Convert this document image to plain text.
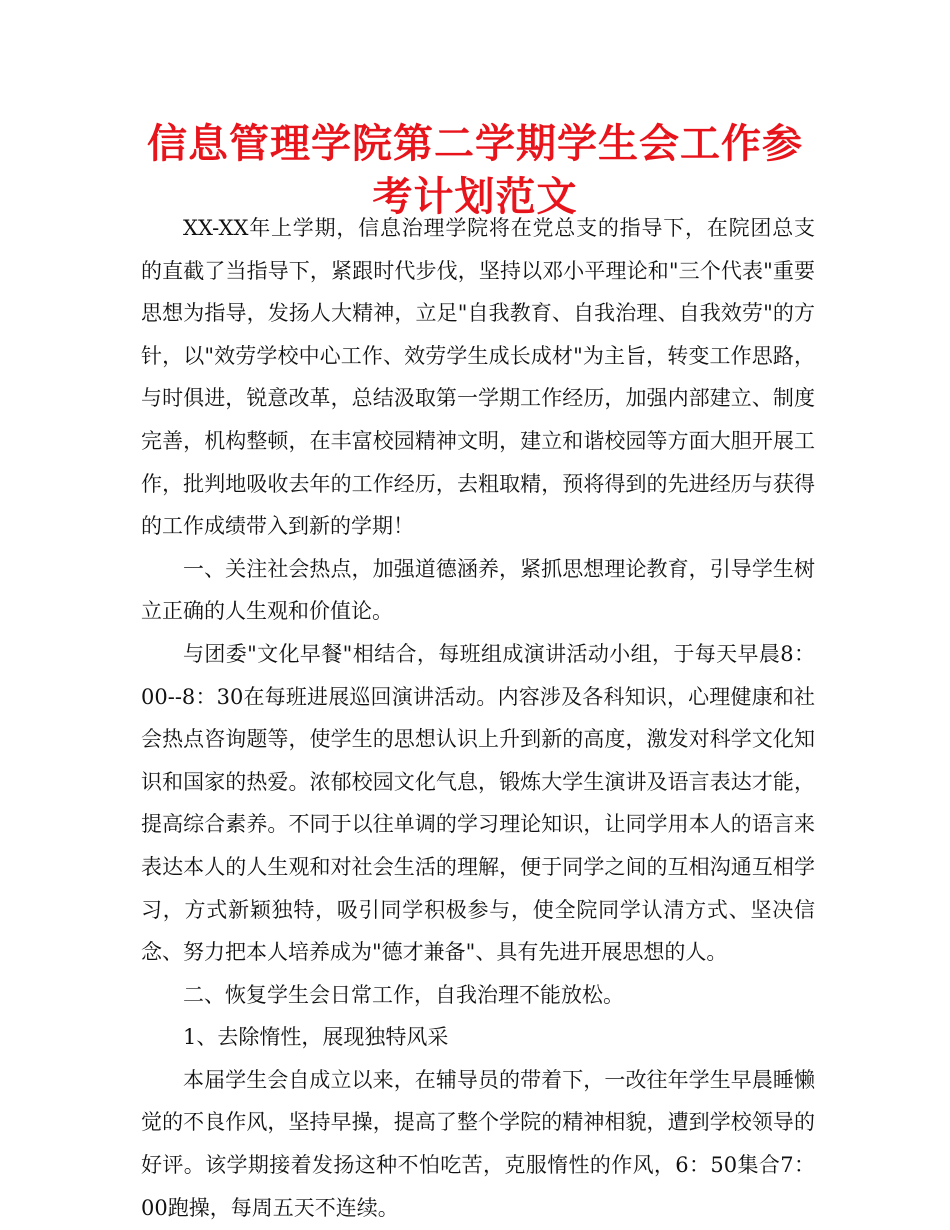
信息管理学院第二学期学生会工作参考计划范文

XX-XX年上学期，信息治理学院将在党总支的指导下，在院团总支的直截了当指导下，紧跟时代步伐，坚持以邓小平理论和"三个代表"重要思想为指导，发扬人大精神，立足"自我教育、自我治理、自我效劳"的方针，以"效劳学校中心工作、效劳学生成长成材"为主旨，转变工作思路，与时俱进，锐意改革，总结汲取第一学期工作经历，加强内部建立、制度完善，机构整顿，在丰富校园精神文明，建立和谐校园等方面大胆开展工作，批判地吸收去年的工作经历，去粗取精，预将得到的先进经历与获得的工作成绩带入到新的学期！

一、关注社会热点，加强道德涵养，紧抓思想理论教育，引导学生树立正确的人生观和价值论。

与团委"文化早餐"相结合，每班组成演讲活动小组，于每天早晨8：00--8：30在每班进展巡回演讲活动。内容涉及各科知识，心理健康和社会热点咨询题等，使学生的思想认识上升到新的高度，激发对科学文化知识和国家的热爱。浓郁校园文化气息，锻炼大学生演讲及语言表达才能，提高综合素养。不同于以往单调的学习理论知识，让同学用本人的语言来表达本人的人生观和对社会生活的理解，便于同学之间的互相沟通互相学习，方式新颖独特，吸引同学积极参与，使全院同学认清方式、坚决信念、努力把本人培养成为"德才兼备"、具有先进开展思想的人。

二、恢复学生会日常工作，自我治理不能放松。

1、去除惰性，展现独特风采

本届学生会自成立以来，在辅导员的带着下，一改往年学生早晨睡懒觉的不良作风，坚持早操，提高了整个学院的精神相貌，遭到学校领导的好评。该学期接着发扬这种不怕吃苦，克服惰性的作风，6：50集合7：00跑操，每周五天不连续。
